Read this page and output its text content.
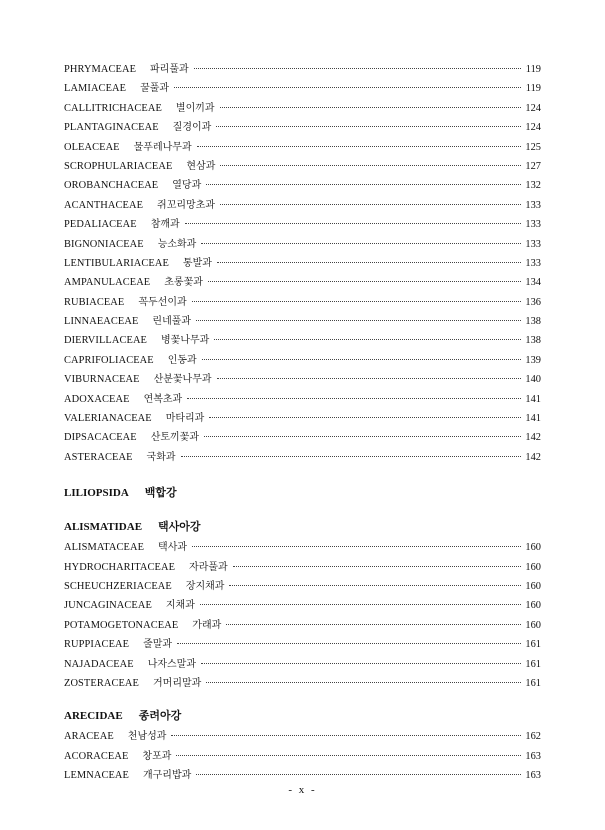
PHRYMACEAE 파리풀과	119
LAMIACEAE 꿀풀과	119
CALLITRICHACEAE 별이끼과	124
PLANTAGINACEAE 질경이과	124
OLEACEAE 물푸레나무과	125
SCROPHULARIACEAE 현삼과	127
OROBANCHACEAE 열당과	132
ACANTHACEAE 쥐꼬리망초과	133
PEDALIACEAE 참깨과	133
BIGNONIACEAE 능소화과	133
LENTIBULARIACEAE 통발과	133
AMPANULACEAE 초롱꽃과	134
RUBIACEAE 꼭두선이과	136
LINNAEACEAE 린네풀과	138
DIERVILLACEAE 병꽃나무과	138
CAPRIFOLIACEAE 인동과	139
VIBURNACEAE 산분꽃나무과	140
ADOXACEAE 연복초과	141
VALERIANACEAE 마타리과	141
DIPSACACEAE 산토끼꽃과	142
ASTERACEAE 국화과	142
LILIOPSIDA 백합강
ALISMATIDAE 택사아강
ALISMATACEAE 택사과	160
HYDROCHARITACEAE 자라풀과	160
SCHEUCHZERIACEAE 장지채과	160
JUNCAGINACEAE 지채과	160
POTAMOGETONACEAE 가래과	160
RUPPIACEAE 줄말과	161
NAJADACEAE 나자스말과	161
ZOSTERACEAE 거머리말과	161
ARECIDAE 종려아강
ARACEAE 천남성과	162
ACORACEAE 창포과	163
LEMNACEAE 개구리밥과	163
- x -
